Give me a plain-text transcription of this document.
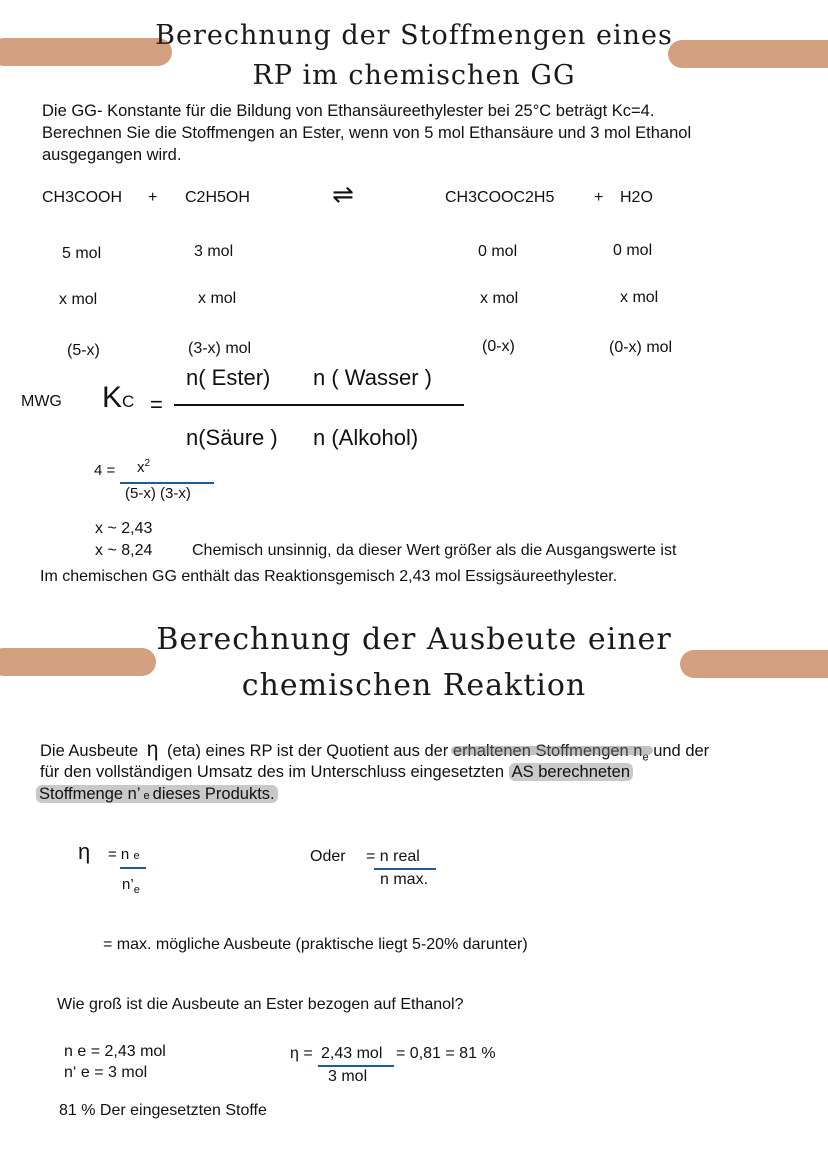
Berechnung der Stoffmengen eines
RP im chemischen GG
Die GG- Konstante für die Bildung von Ethansäureethylester bei 25°C beträgt Kc=4.
Berechnen Sie die Stoffmengen an Ester, wenn von 5 mol Ethansäure und 3 mol Ethanol
ausgegangen wird.
CH3COOH + C2H5OH	⇌	CH3COOC2H5 + H2O
5 mol	3 mol	0 mol	0 mol
x mol	x mol	x mol	x mol
(5-x)	(3-x) mol	(0-x)	(0-x) mol
MWG KC =
n( Ester) n ( Wasser )
n(Säure ) n (Alkohol)
$4 = x^2$
(5-x) (3-x)
x ~ 2,43
x ~ 8,24 Chemisch unsinnig, da dieser Wert größer als die Ausgangswerte ist
Im chemischen GG enthält das Reaktionsgemisch 2,43 mol Essigsäureethylester.
Berechnung der Ausbeute einer
chemischen Reaktion
Die Ausbeute η (eta) eines RP ist der Quotient aus der erhaltenen Stoffmengen $n_e$ und der
für den vollständigen Umsatz des im Unterschluss eingesetzten AS berechneten
Stoffmenge n’ e dieses Produkts.
η = n e
$n’_e$
Oder = n real
n max.
= max. mögliche Ausbeute (praktische liegt 5-20% darunter)
Wie groß ist die Ausbeute an Ester bezogen auf Ethanol?
n e = 2,43 mol
n‘ e = 3 mol
η = 2,43 mol = 0,81 = 81 %
3 mol
81 % Der eingesetzten Stoffe
